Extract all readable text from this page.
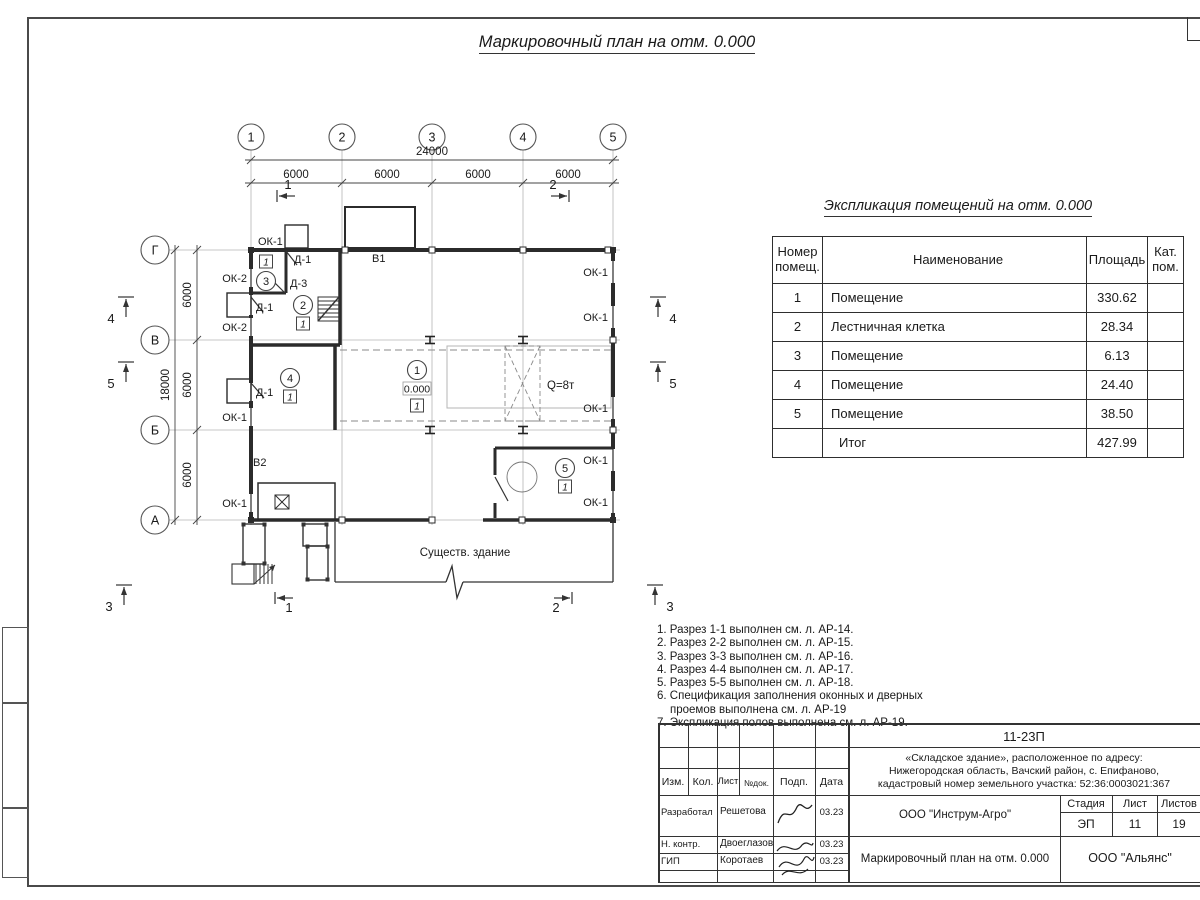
Маркировочный план на отм. 0.000
1	2	3	4	5
Г
В
Б
А
24000
6000	6000	6000	6000
18000
6000
6000
6000
Q=8т
Существ. здание
1
0.000
1
2
1
1
3
4
1
5
1
ОК-1
ОК-2
ОК-2
ОК-1
ОК-1
ОК-1
ОК-1
ОК-1
ОК-1
ОК-1
Д-1
Д-3
Д-1
Д-1
В1
В2
1	2
1	2
4
5
4
5
3	3
Экспликация помещений на отм. 0.000
Номер помещ.	Наименование	Площадь	Кат. пом.
1	Помещение	330.62	
2	Лестничная клетка	28.34	
3	Помещение	6.13	
4	Помещение	24.40	
5	Помещение	38.50	
	Итог	427.99	
1. Разрез 1-1 выполнен см. л. АР-14.
2. Разрез 2-2 выполнен см. л. АР-15.
3. Разрез 3-3 выполнен см. л. АР-16.
4. Разрез 4-4 выполнен см. л. АР-17.
5. Разрез 5-5 выполнен см. л. АР-18.
6. Спецификация заполнения оконных и дверных
проемов выполнена см. л. АР-19
11-23П
«Складское здание», расположенное по адресу:
Нижегородская область, Вачский район, с. Епифаново,
кадастровый номер земельного участка: 52:36:0003021:367
Изм. Кол. Лист №док.	Подп.	Дата
Разработал Решетова	03.23
Н. контр. Двоеглазов	03.23
ГИП	Коротаев	03.23
ООО "Инструм-Агро"
Стадия	Лист	Листов
ЭП	11	19
Маркировочный план на отм. 0.000	ООО "Альянс"
